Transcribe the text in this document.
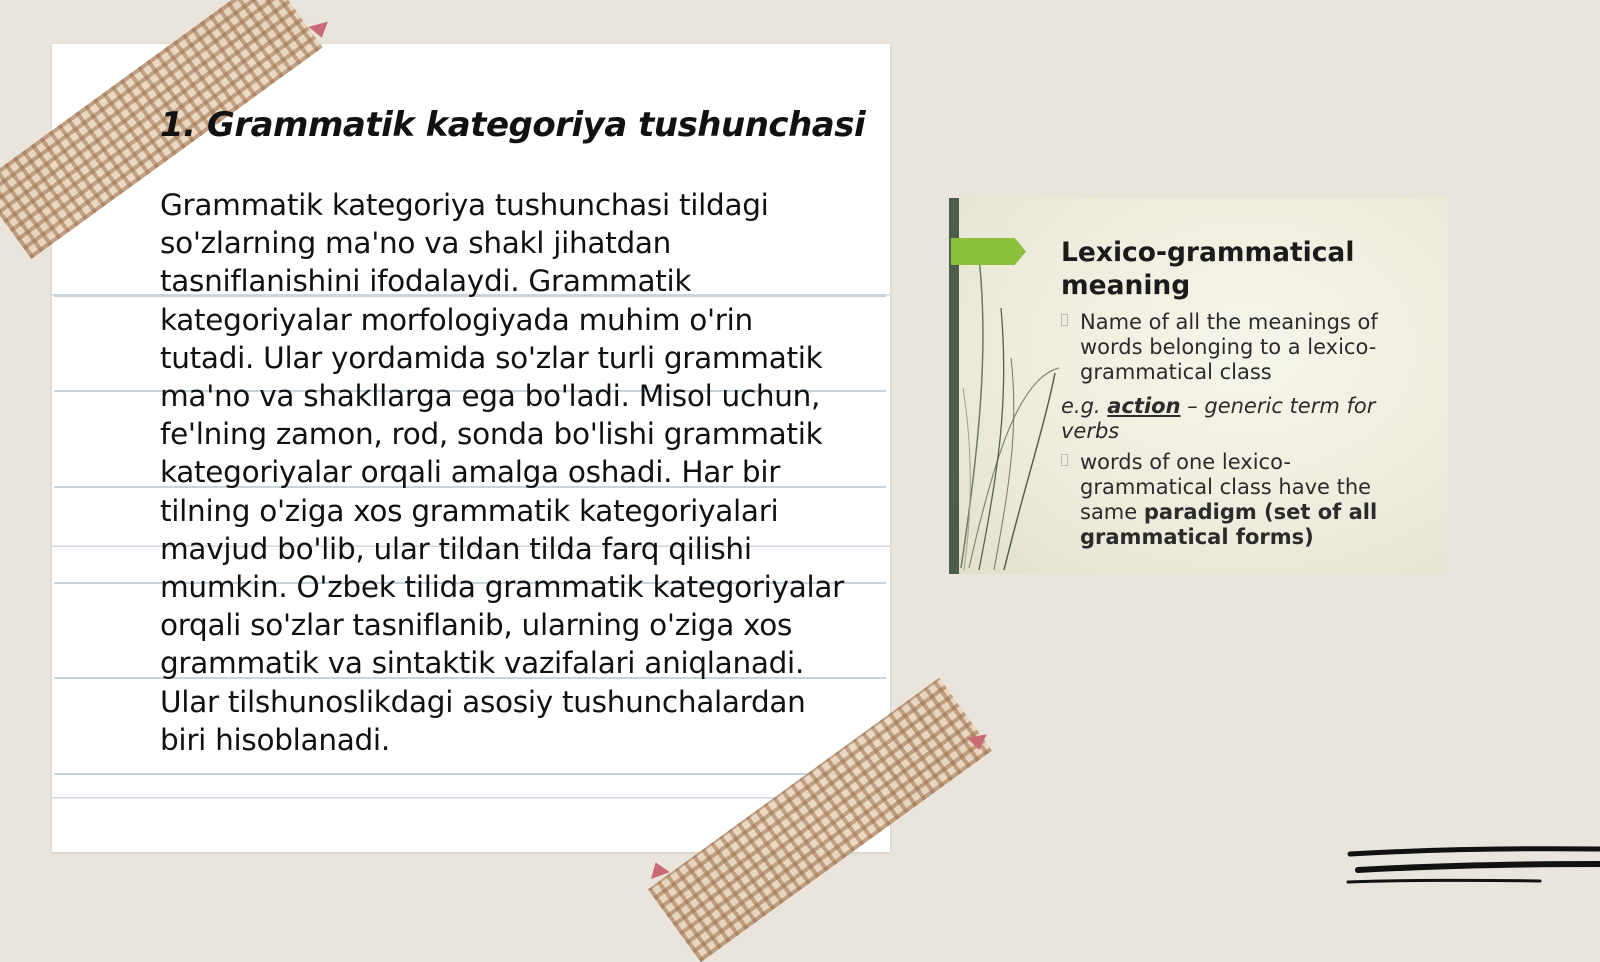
1. Grammatik kategoriya tushunchasi

Grammatik kategoriya tushunchasi tildagi so'zlarning ma'no va shakl jihatdan tasniflanishini ifodalaydi. Grammatik kategoriyalar morfologiyada muhim o'rin tutadi. Ular yordamida so'zlar turli grammatik ma'no va shakllarga ega bo'ladi. Misol uchun, fe'lning zamon, rod, sonda bo'lishi grammatik kategoriyalar orqali amalga oshadi. Har bir tilning o'ziga xos grammatik kategoriyalari mavjud bo'lib, ular tildan tilda farq qilishi mumkin. O'zbek tilida grammatik kategoriyalar orqali so'zlar tasniflanib, ularning o'ziga xos grammatik va sintaktik vazifalari aniqlanadi. Ular tilshunoslikdagi asosiy tushunchalardan biri hisoblanadi.

Lexico-grammatical meaning
Name of all the meanings of words belonging to a lexico-grammatical class
e.g. action – generic term for verbs
words of one lexico-grammatical class have the same paradigm (set of all grammatical forms)
